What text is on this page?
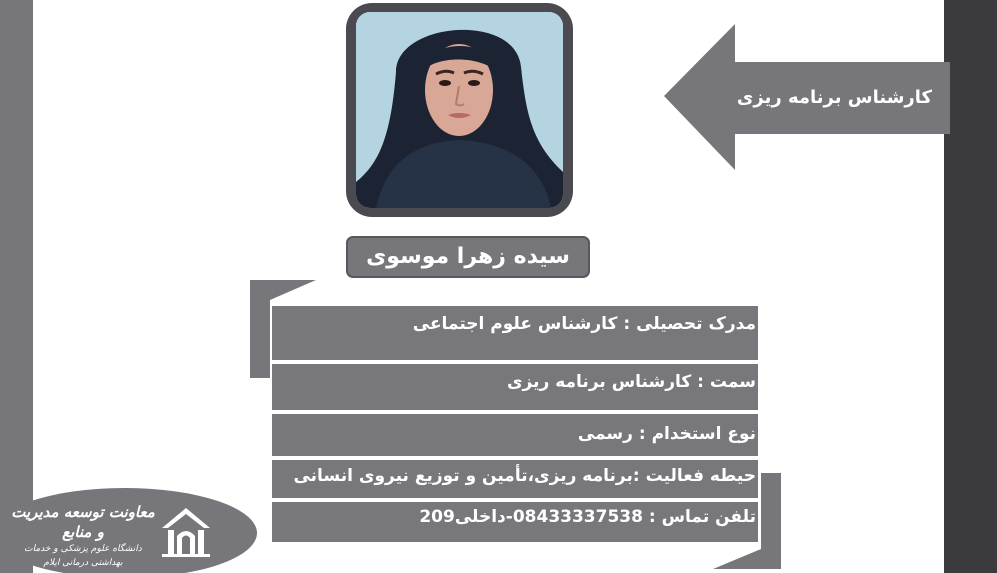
کارشناس برنامه ریزی
سیده زهرا موسوی
مدرک تحصیلی : کارشناس علوم اجتماعی
سمت : کارشناس برنامه ریزی
نوع استخدام : رسمی
حیطه فعالیت :برنامه ریزی،تأمین و توزیع نیروی انسانی
تلفن تماس : 08433337538-داخلی209
معاونت توسعه مدیریت و منابع
دانشگاه علوم پزشکی و خدمات بهداشتی درمانی ایلام
